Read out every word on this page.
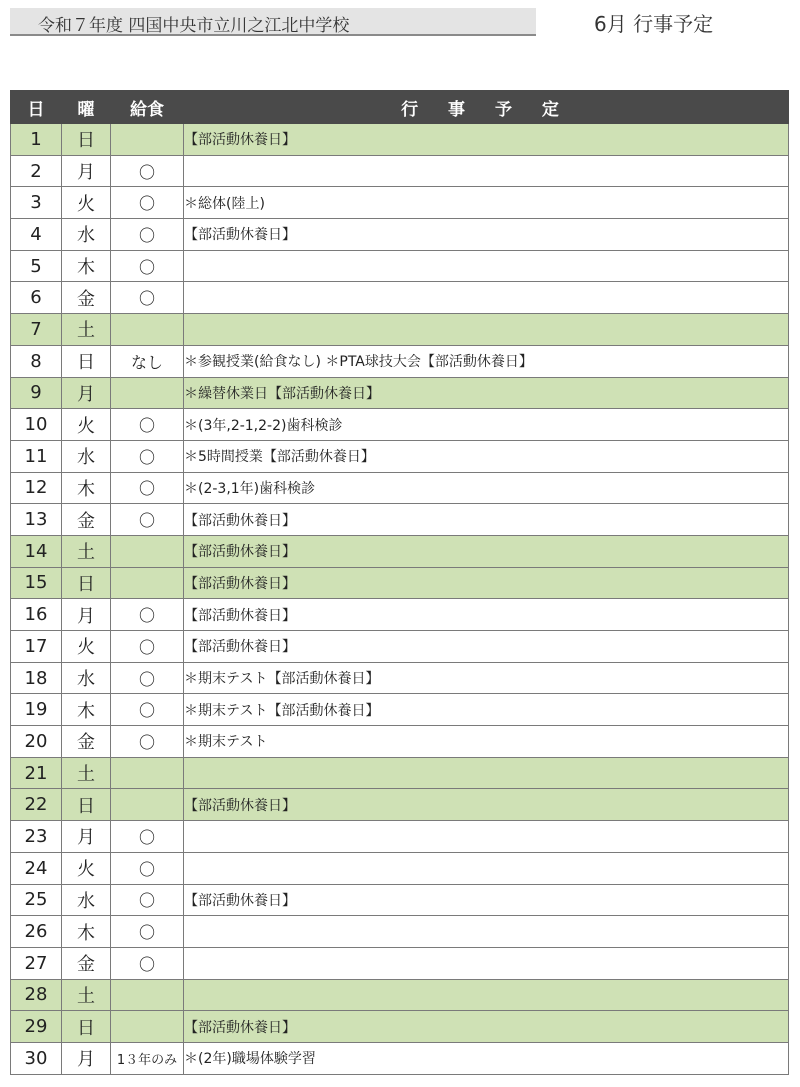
令和７年度 四国中央市立川之江北中学校	6月 行事予定
日	曜	給食	行 事 予 定
1	日		【部活動休養日】
2	月	〇	
3	火	〇	＊総体(陸上)
4	水	〇	【部活動休養日】
5	木	〇	
6	金	〇	
7	土		
8	日	なし	＊参観授業(給食なし) ＊PTA球技大会【部活動休養日】
9	月		＊繰替休業日【部活動休養日】
10	火	〇	＊(3年,2-1,2-2)歯科検診
11	水	〇	＊5時間授業【部活動休養日】
12	木	〇	＊(2-3,1年)歯科検診
13	金	〇	【部活動休養日】
14	土		【部活動休養日】
15	日		【部活動休養日】
16	月	〇	【部活動休養日】
17	火	〇	【部活動休養日】
18	水	〇	＊期末テスト【部活動休養日】
19	木	〇	＊期末テスト【部活動休養日】
20	金	〇	＊期末テスト
21	土		
22	日		【部活動休養日】
23	月	〇	
24	火	〇	
25	水	〇	【部活動休養日】
26	木	〇	
27	金	〇	
28	土		
29	日		【部活動休養日】
30	月	1３年のみ	＊(2年)職場体験学習
